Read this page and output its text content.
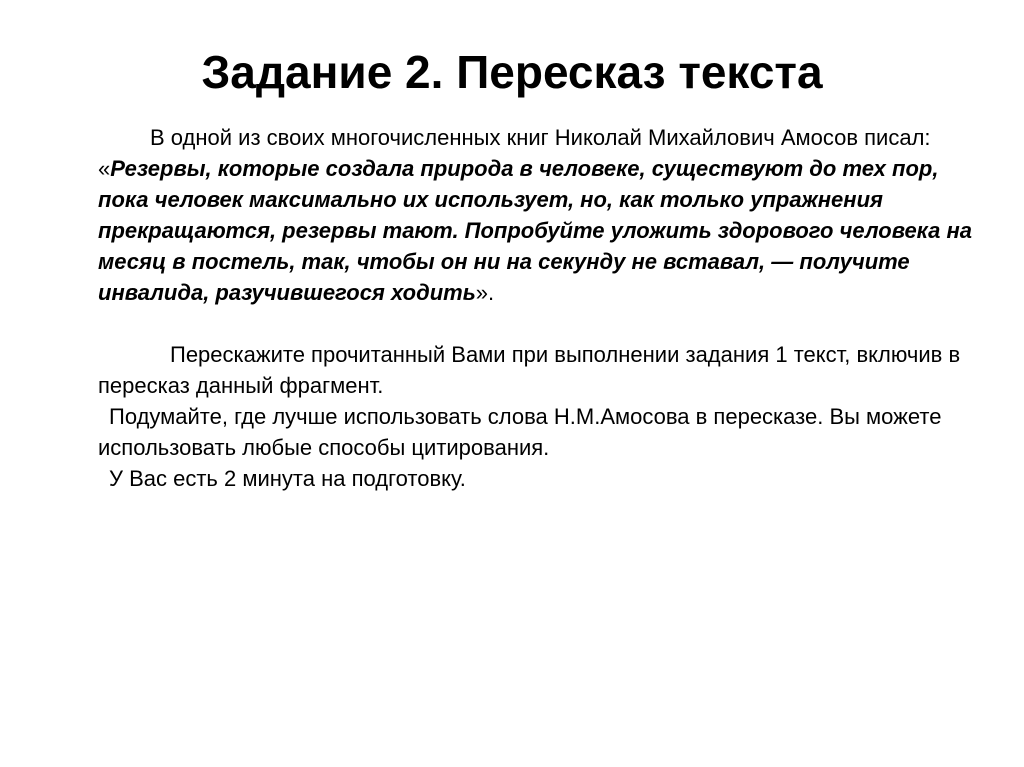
Задание 2. Пересказ текста

В одной из своих многочисленных книг Николай Михайлович Амосов писал: «Резервы, которые создала природа в человеке, существуют до тех пор, пока человек максимально их использует, но, как только упражнения прекращаются, резервы тают. Попробуйте уложить здорового человека на месяц в постель, так, чтобы он ни на секунду не вставал, — получите инвалида, разучившегося ходить».

Перескажите прочитанный Вами при выполнении задания 1 текст, включив в пересказ данный фрагмент.

Подумайте, где лучше использовать слова Н.М.Амосова в пересказе. Вы можете использовать любые способы цитирования.

У Вас есть 2 минута на подготовку.
